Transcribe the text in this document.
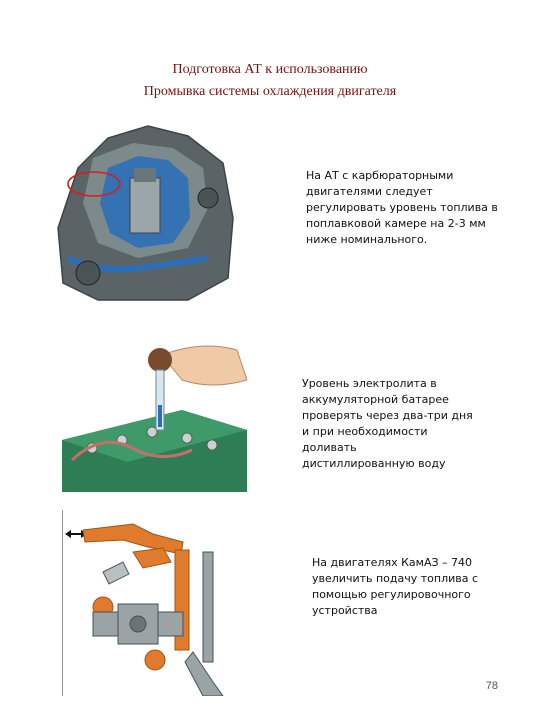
Подготовка АТ к использованию
Промывка системы охлаждения двигателя
На АТ с карбюраторными
двигателями следует
регулировать уровень топлива в
поплавковой камере на 2-3 мм
ниже номинального.
Уровень электролита в
аккумуляторной батарее
проверять через два-три дня
и при необходимости
доливать
дистиллированную воду
На двигателях КамАЗ – 740
увеличить подачу топлива с
помощью регулировочного
устройства
78
